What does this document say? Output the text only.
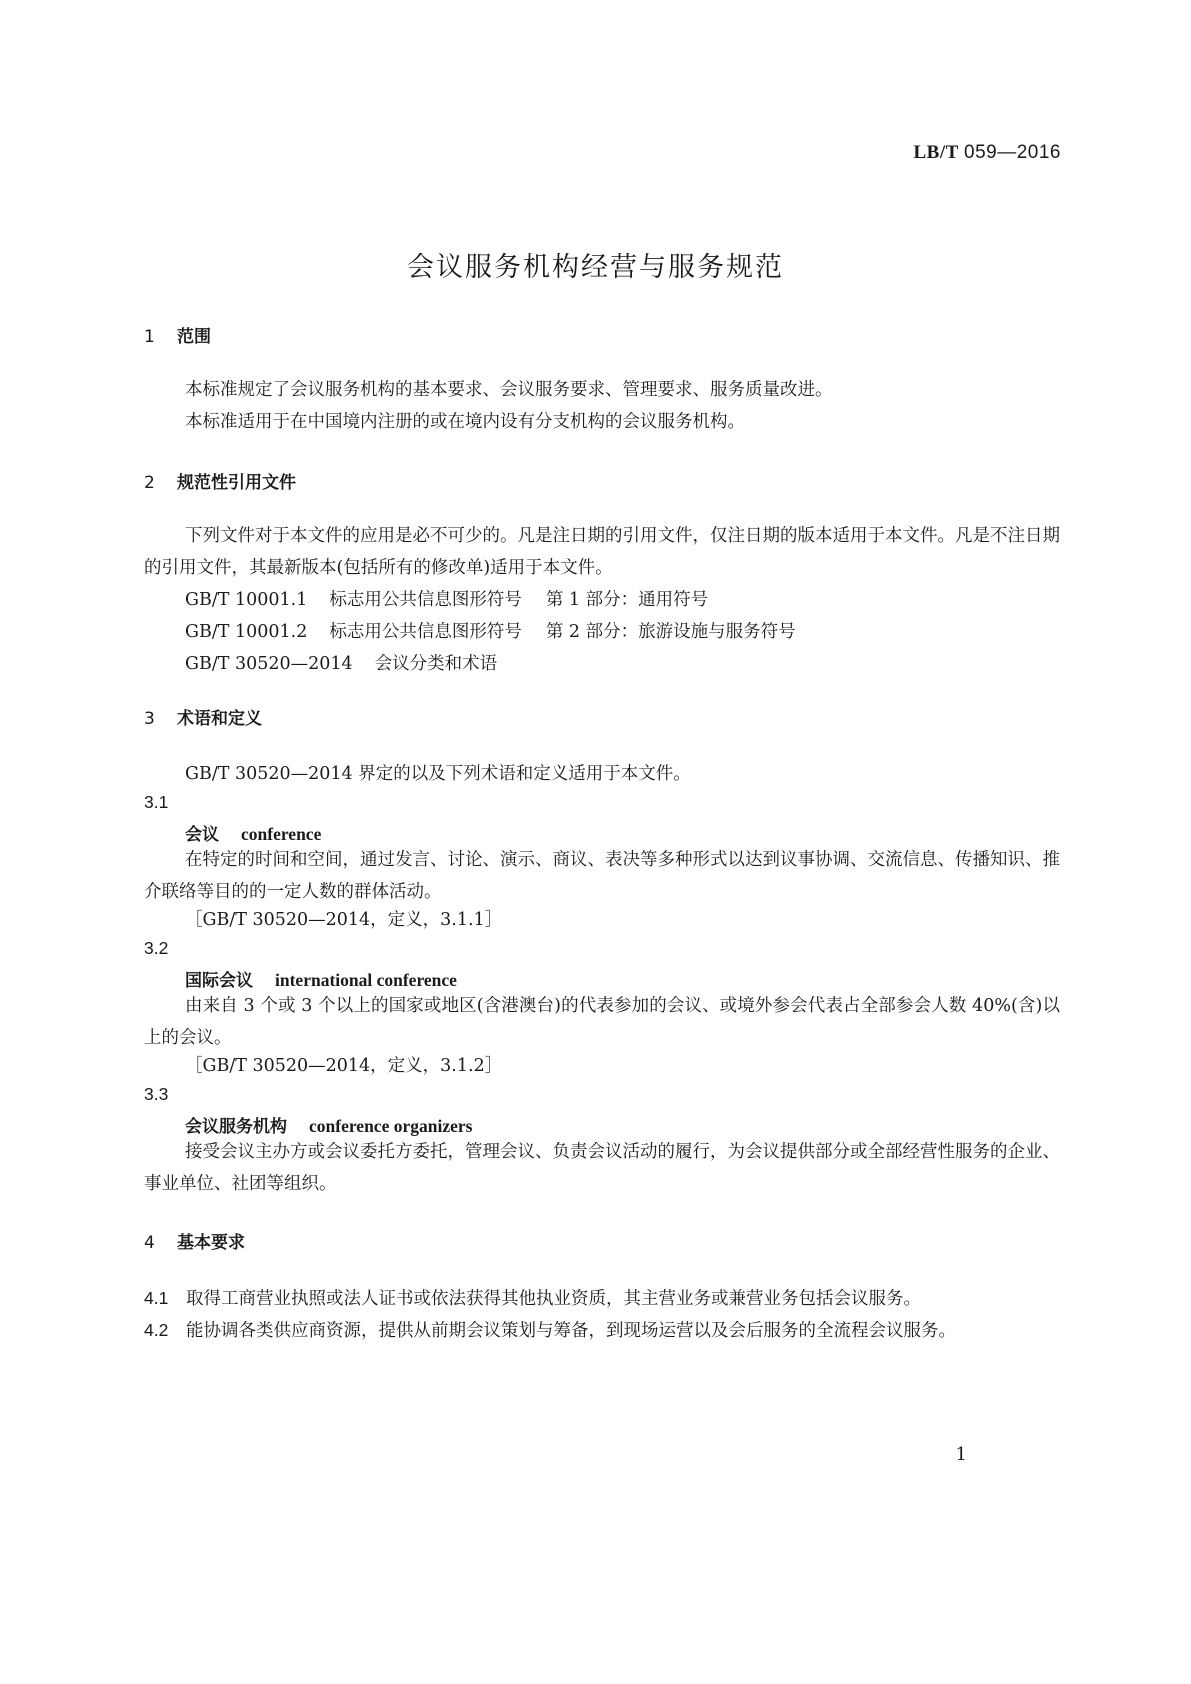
LB/T 059—2016
会议服务机构经营与服务规范
1 范围
本标准规定了会议服务机构的基本要求、会议服务要求、管理要求、服务质量改进。
本标准适用于在中国境内注册的或在境内设有分支机构的会议服务机构。
2 规范性引用文件
下列文件对于本文件的应用是必不可少的。凡是注日期的引用文件，仅注日期的版本适用于本文件。凡是不注日期的引用文件，其最新版本(包括所有的修改单)适用于本文件。
GB/T 10001.1 标志用公共信息图形符号 第 1 部分：通用符号
GB/T 10001.2 标志用公共信息图形符号 第 2 部分：旅游设施与服务符号
GB/T 30520—2014 会议分类和术语
3 术语和定义
GB/T 30520—2014 界定的以及下列术语和定义适用于本文件。
3.1
会议 conference
在特定的时间和空间，通过发言、讨论、演示、商议、表决等多种形式以达到议事协调、交流信息、传播知识、推介联络等目的的一定人数的群体活动。
［GB/T 30520—2014，定义，3.1.1］
3.2
国际会议 international conference
由来自 3 个或 3 个以上的国家或地区(含港澳台)的代表参加的会议、或境外参会代表占全部参会人数 40%(含)以上的会议。
［GB/T 30520—2014，定义，3.1.2］
3.3
会议服务机构 conference organizers
接受会议主办方或会议委托方委托，管理会议、负责会议活动的履行，为会议提供部分或全部经营性服务的企业、事业单位、社团等组织。
4 基本要求
4.1 取得工商营业执照或法人证书或依法获得其他执业资质，其主营业务或兼营业务包括会议服务。
4.2 能协调各类供应商资源，提供从前期会议策划与筹备，到现场运营以及会后服务的全流程会议服务。
1
